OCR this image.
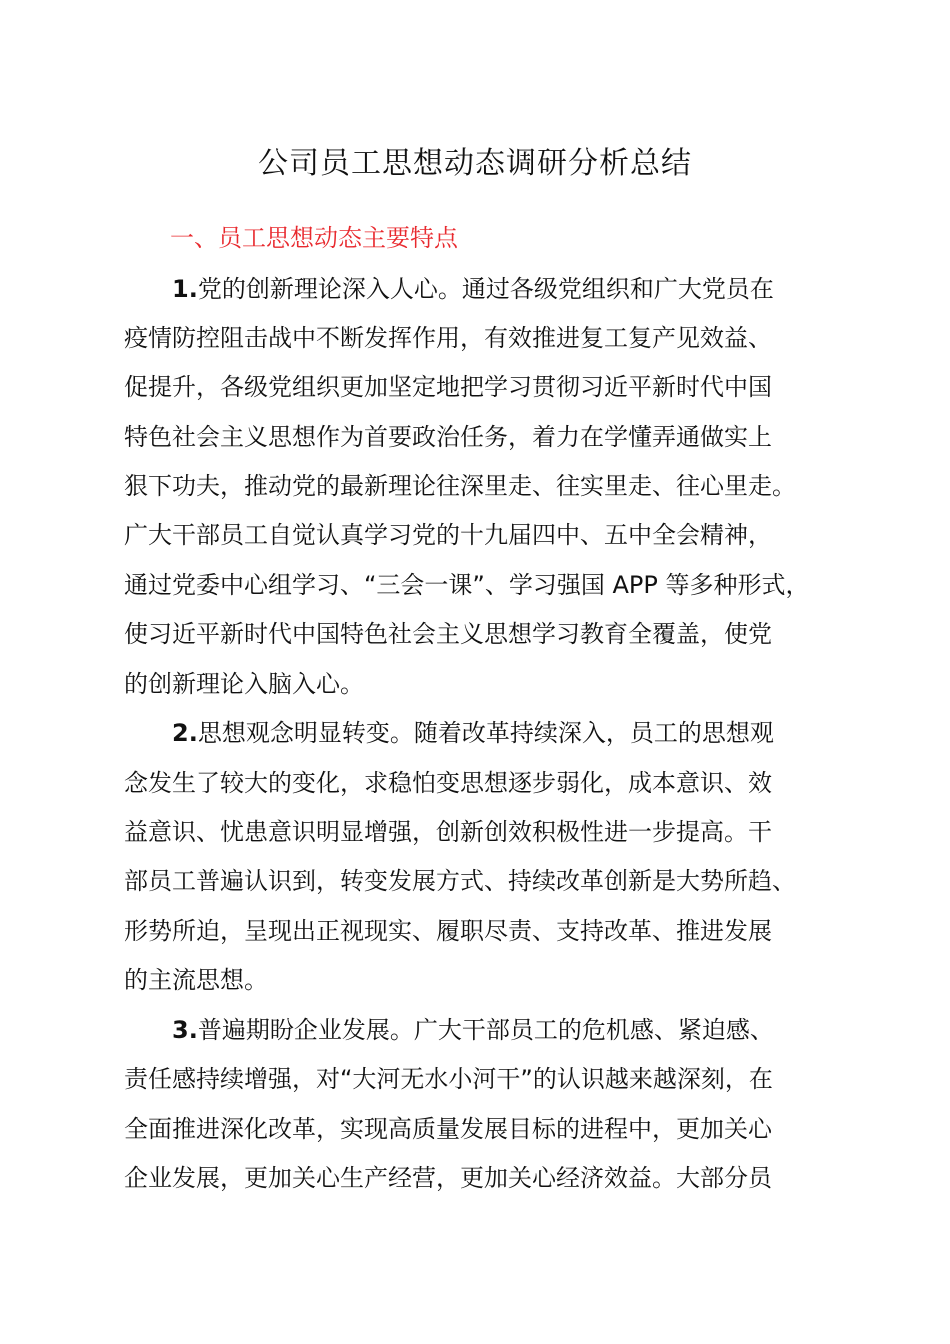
公司员工思想动态调研分析总结
一、员工思想动态主要特点

1.党的创新理论深入人心。通过各级党组织和广大党员在

疫情防控阻击战中不断发挥作用，有效推进复工复产见效益、

促提升，各级党组织更加坚定地把学习贯彻习近平新时代中国

特色社会主义思想作为首要政治任务，着力在学懂弄通做实上

狠下功夫，推动党的最新理论往深里走、往实里走、往心里走。

广大干部员工自觉认真学习党的十九届四中、五中全会精神，

通过党委中心组学习、“三会一课”、学习强国 APP 等多种形式，

使习近平新时代中国特色社会主义思想学习教育全覆盖，使党

的创新理论入脑入心。

2.思想观念明显转变。随着改革持续深入，员工的思想观

念发生了较大的变化，求稳怕变思想逐步弱化，成本意识、效

益意识、忧患意识明显增强，创新创效积极性进一步提高。干

部员工普遍认识到，转变发展方式、持续改革创新是大势所趋、

形势所迫，呈现出正视现实、履职尽责、支持改革、推进发展

的主流思想。

3.普遍期盼企业发展。广大干部员工的危机感、紧迫感、

责任感持续增强，对“大河无水小河干”的认识越来越深刻，在

全面推进深化改革，实现高质量发展目标的进程中，更加关心

企业发展，更加关心生产经营，更加关心经济效益。大部分员
